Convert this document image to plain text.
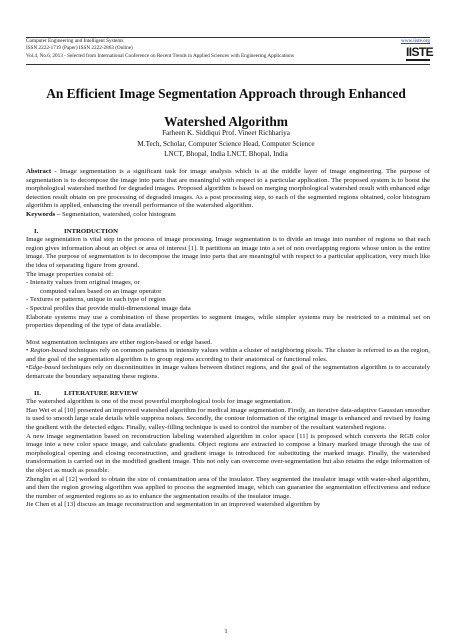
Computer Engineering and Intelligent Systems	www.iiste.org
ISSN 2222-1719 (Paper) ISSN 2222-2863 (Online)
Vol.4, No.6, 2013 - Selected from International Conference on Recent Trends in Applied Sciences with Engineering Applications	IISTE
An Efficient Image Segmentation Approach through Enhanced
Watershed Algorithm
Farheen K. Siddiqui Prof. Vineet Richhariya
M.Tech, Scholar, Computer Science Head, Computer Science
LNCT, Bhopal, India LNCT, Bhopal, India

Abstract - Image segmentation is a significant task for image analysis which is at the middle layer of image engineering. The purpose of segmentation is to decompose the image into parts that are meaningful with respect to a particular application. The proposed system is to boost the morphological watershed method for degraded images. Proposed algorithm is based on merging morphological watershed result with enhanced edge detection result obtain on pre processing of degraded images. As a post processing step, to each of the segmented regions obtained, color histogram algorithm is applied, enhancing the overall performance of the watershed algorithm.

Keywords – Segmentation, watershed, color histogram

I.	INTRODUCTION

Image segmentation is vital step in the process of image processing. Image segmentation is to divide an image into number of regions so that each region gives information about an object or area of interest [1]. It partitions an image into a set of non overlapping regions whose union is the entire image. The purpose of segmentation is to decompose the image into parts that are meaningful with respect to a particular application, very much like the idea of separating figure from ground.

The image properties consist of:

- Intensity values from original images, or

computed values based on an image operator

- Textures or patterns, unique to each type of region

- Spectral profiles that provide multi-dimensional image data

Elaborate systems may use a combination of these properties to segment images, while simpler systems may be restricted to a minimal set on properties depending of the type of data available.

Most segmentation techniques are either region-based or edge based.

• Region-based techniques rely on common patterns in intensity values within a cluster of neighboring pixels. The cluster is referred to as the region, and the goal of the segmentation algorithm is to group regions according to their anatomical or functional roles.

•Edge-based techniques rely on discontinuities in image values between distinct regions, and the goal of the segmentation algorithm is to accurately demarcate the boundary separating these regions.

II.	LITERATURE REVIEW

The watershed algorithm is one of the most powerful morphological tools for image segmentation.

Hao Wei et al [10] presented an improved watershed algorithm for medical image segmentation. Firstly, an iterative data-adaptive Gaussian smoother is used to smooth large scale details while suppress noises. Secondly, the contour information of the original image is enhanced and revised by fusing the gradient with the detected edges. Finally, valley-filling technique is used to control the number of the resultant watershed regions.

A new image segmentation based on reconstruction labeling watershed algorithm in color space [11] is proposed which converts the RGB color image into a new color space image, and calculate gradients. Object regions are extracted to compose a binary marked image through the use of morphological opening and closing reconstruction, and gradient image is introduced for substituting the marked image. Finally, the watershed transformation is carried out in the modified gradient image. This not only can overcome over-segmentation but also retains the edge information of the object as much as possible.

Zhenglin et al [12] worked to obtain the size of contamination area of the insulator. They segmented the insulator image with water-shed algorithm, and then the region growing algorithm was applied to process the segmented image, which can guarantee the segmentation effectiveness and reduce the number of segmented regions so as to enhance the segmentation results of the insulator image.

Jie Chen et al [13] discuss an image reconstruction and segmentation in an improved watershed algorithm by

1
